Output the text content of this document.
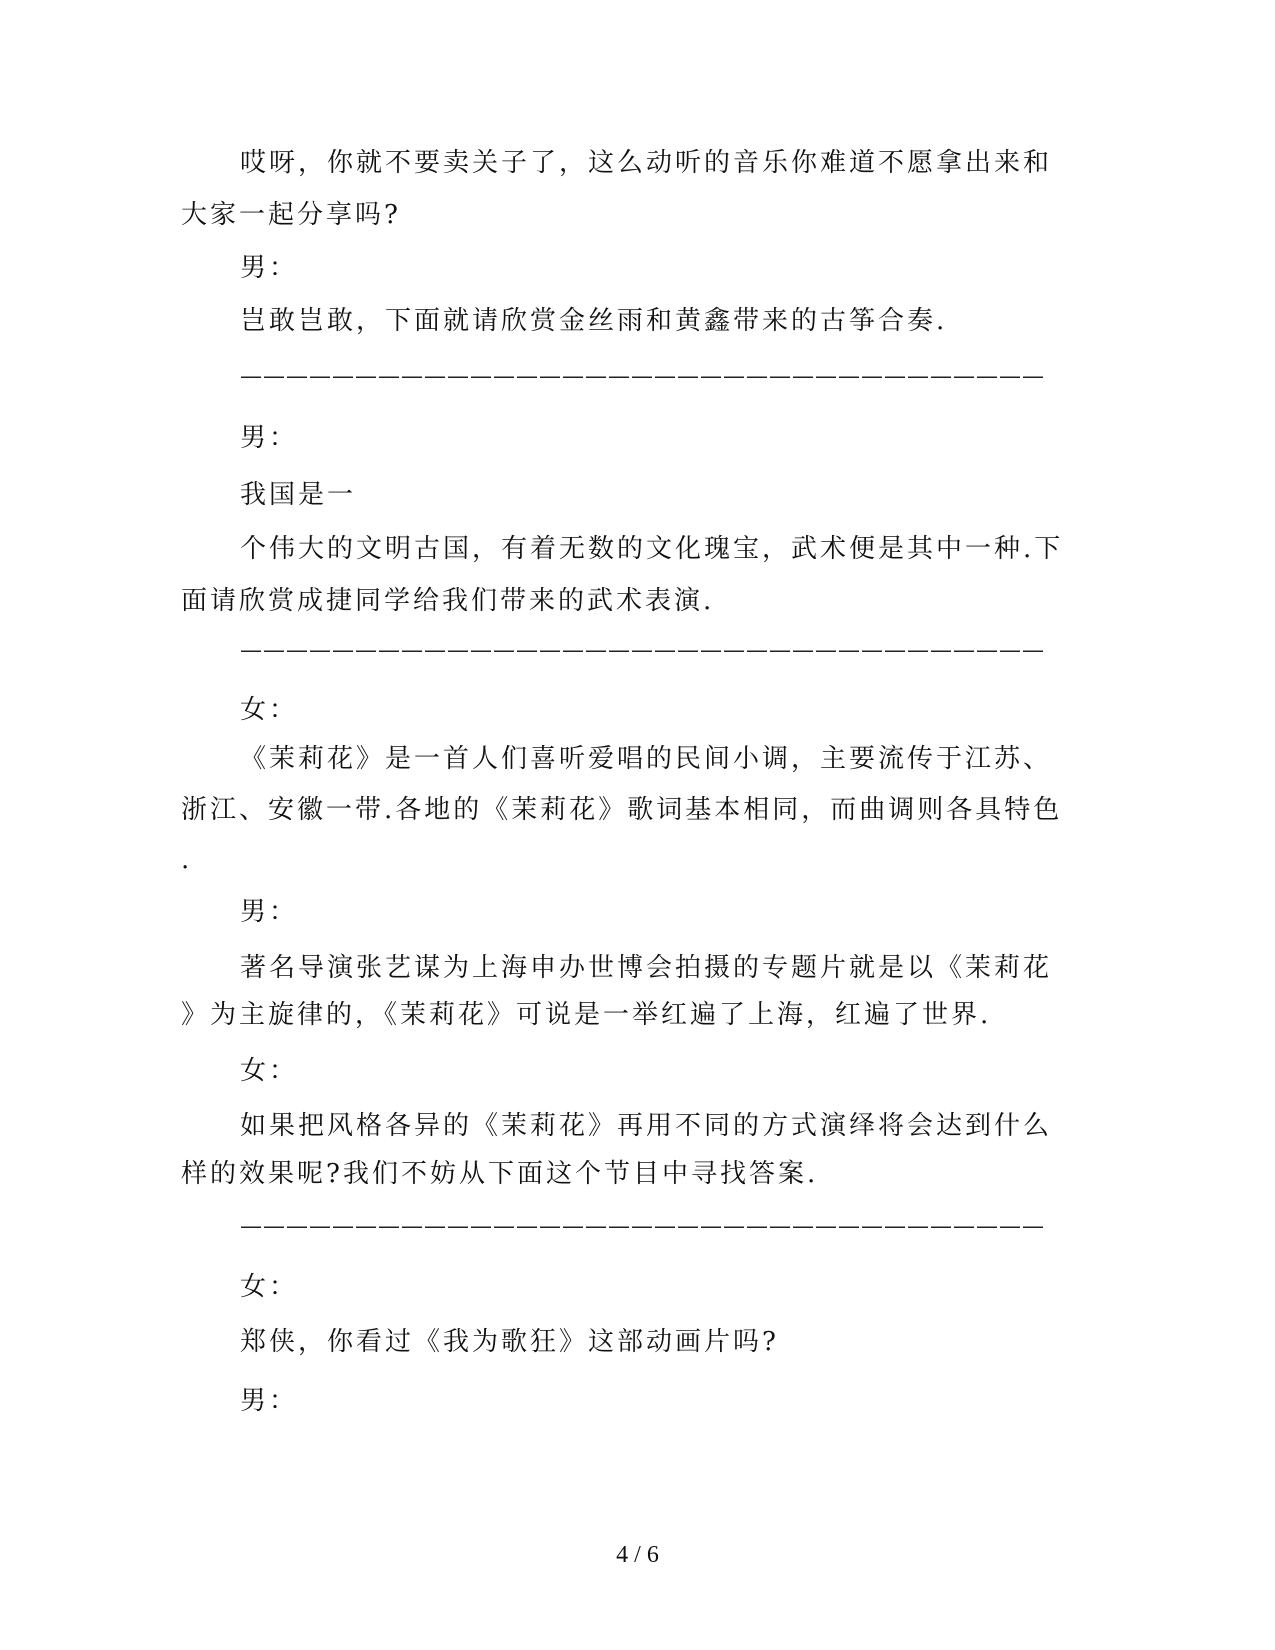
哎呀，你就不要卖关子了，这么动听的音乐你难道不愿拿出来和
大家一起分享吗?
男：
岂敢岂敢，下面就请欣赏金丝雨和黄鑫带来的古筝合奏.
———————————————————————————————————
男：
我国是一
个伟大的文明古国，有着无数的文化瑰宝，武术便是其中一种.下
面请欣赏成捷同学给我们带来的武术表演.
———————————————————————————————————
女：
《茉莉花》是一首人们喜听爱唱的民间小调，主要流传于江苏、
浙江、安徽一带.各地的《茉莉花》歌词基本相同，而曲调则各具特色
.
男：
著名导演张艺谋为上海申办世博会拍摄的专题片就是以《茉莉花
》为主旋律的，《茉莉花》可说是一举红遍了上海，红遍了世界.
女：
如果把风格各异的《茉莉花》再用不同的方式演绎将会达到什么
样的效果呢?我们不妨从下面这个节目中寻找答案.
———————————————————————————————————
女：
郑侠，你看过《我为歌狂》这部动画片吗?
男：
4 / 6
